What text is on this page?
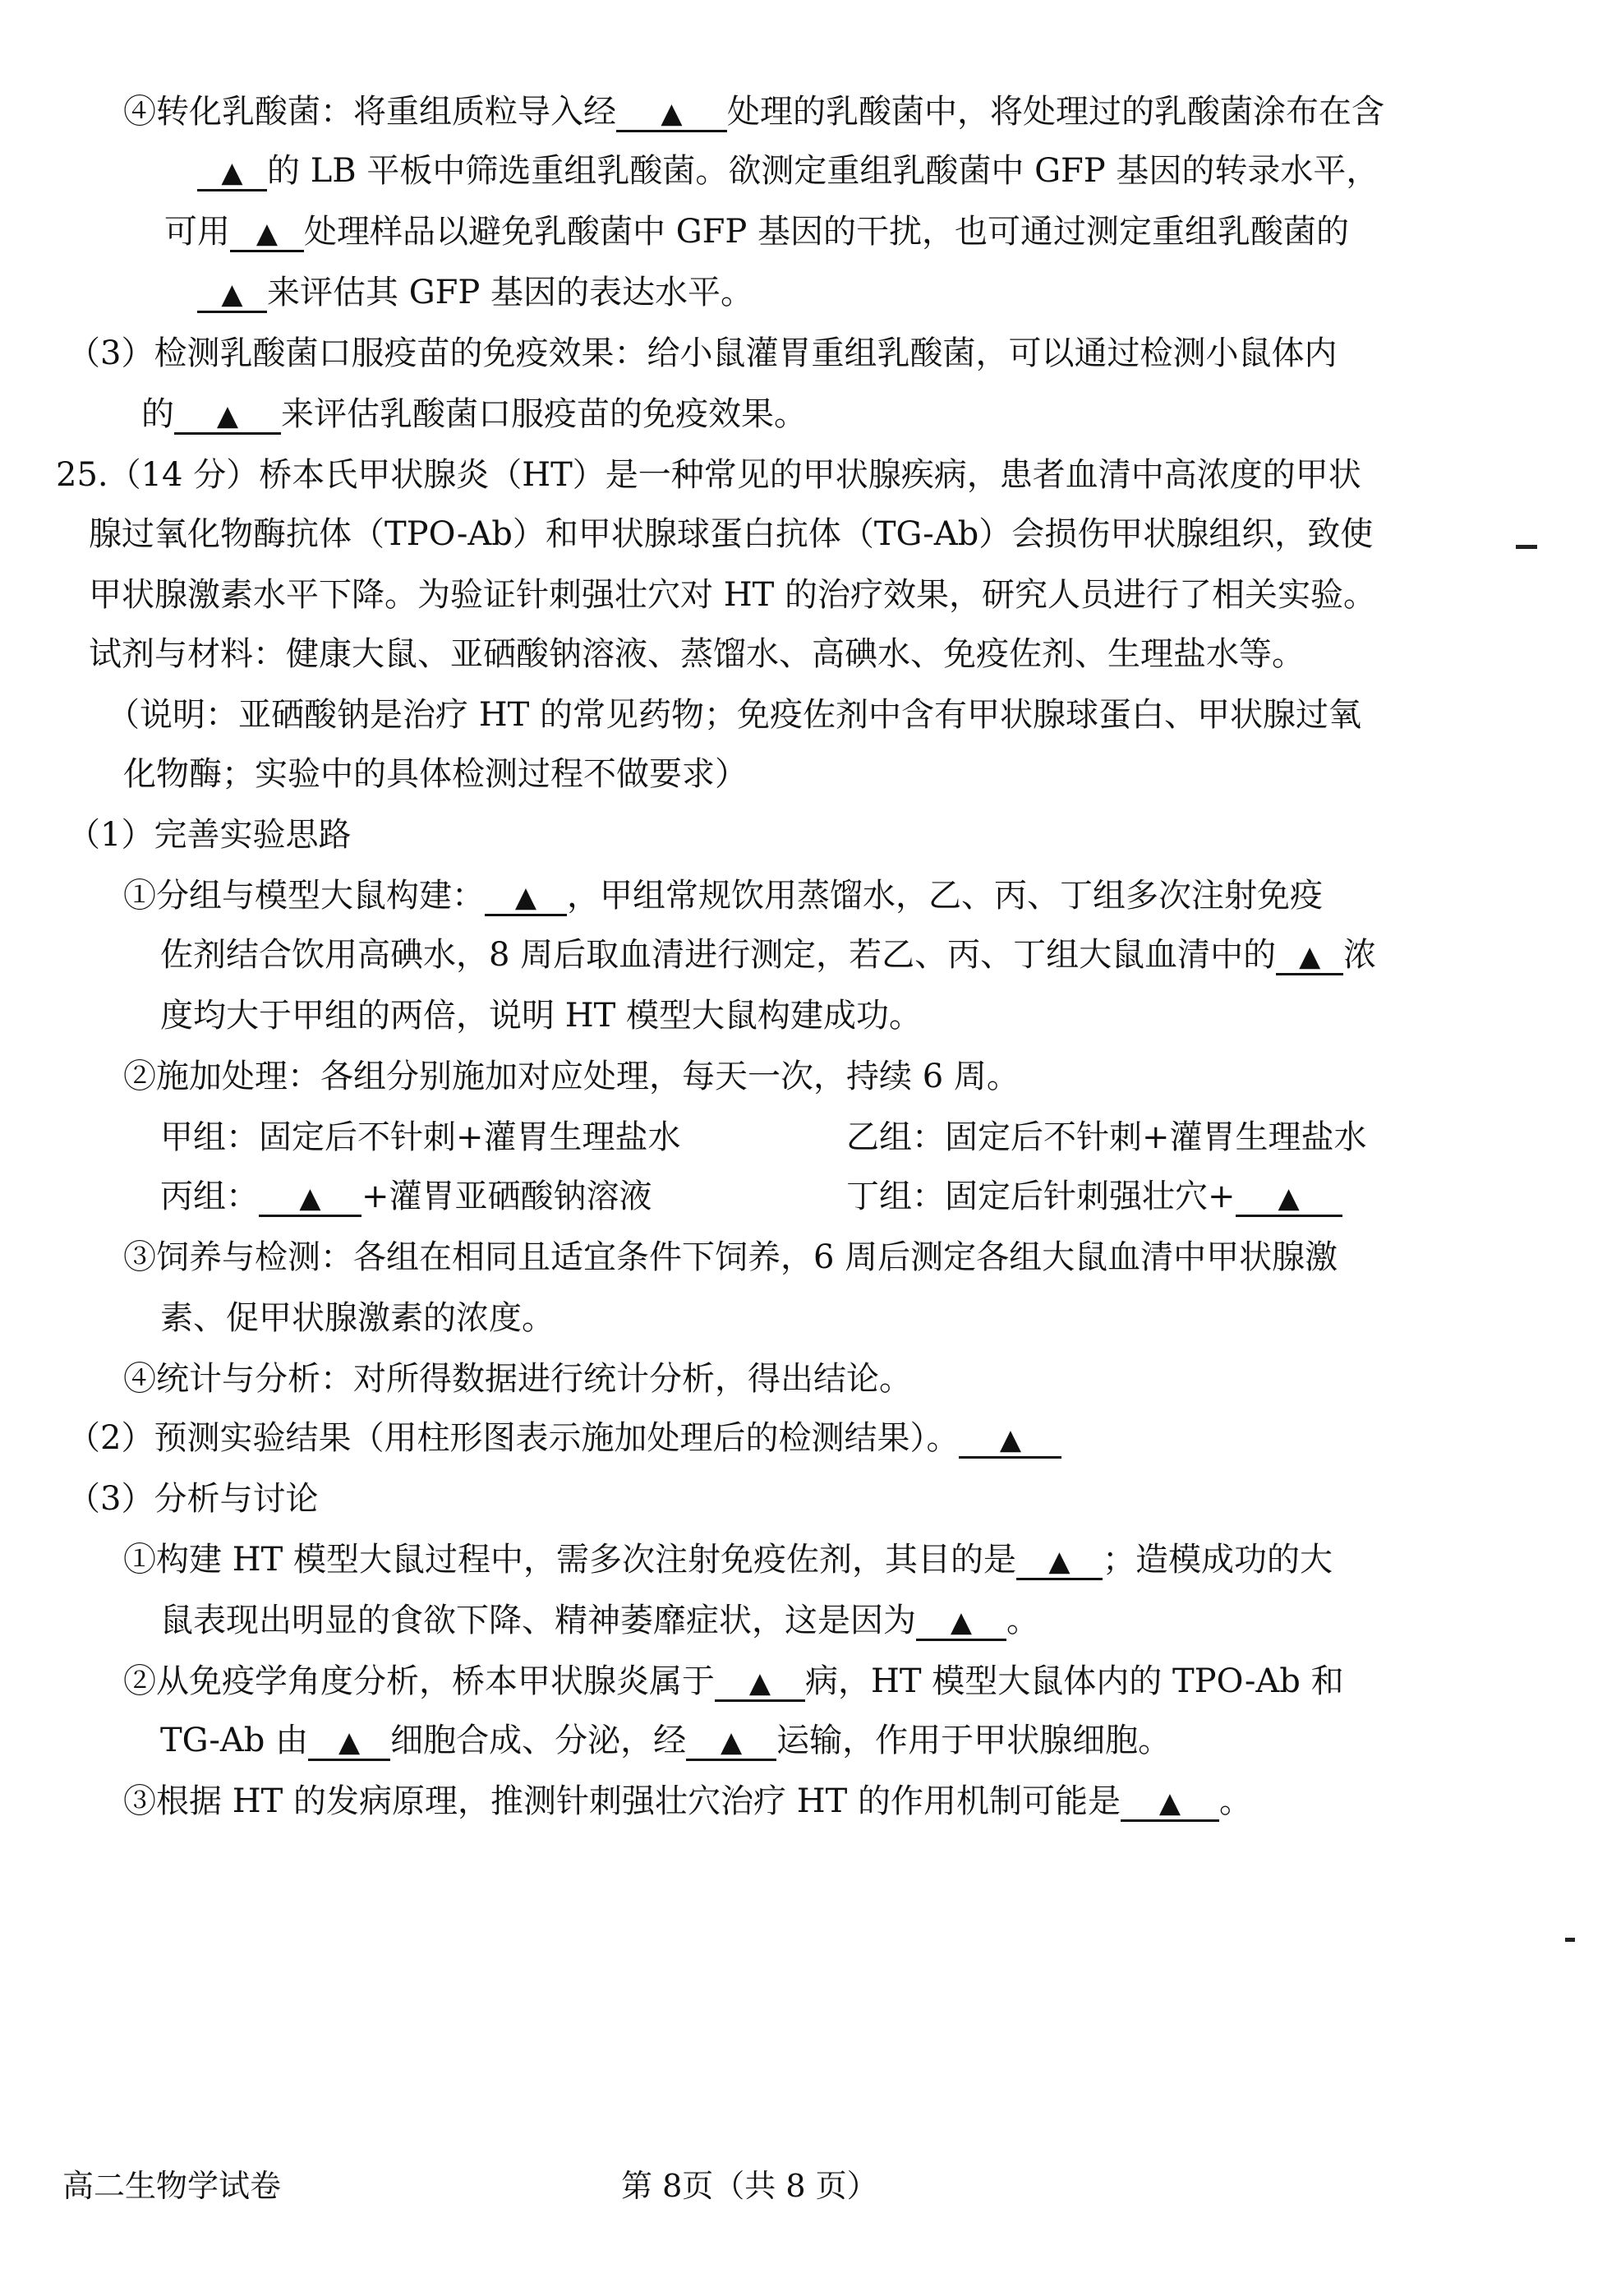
④转化乳酸菌：将重组质粒导入经 ▲ 处理的乳酸菌中，将处理过的乳酸菌涂布在含
▲ 的 LB 平板中筛选重组乳酸菌。欲测定重组乳酸菌中 GFP 基因的转录水平，
可用 ▲ 处理样品以避免乳酸菌中 GFP 基因的干扰，也可通过测定重组乳酸菌的
▲ 来评估其 GFP 基因的表达水平。
（3）检测乳酸菌口服疫苗的免疫效果：给小鼠灌胃重组乳酸菌，可以通过检测小鼠体内
的 ▲ 来评估乳酸菌口服疫苗的免疫效果。
25.（14 分）桥本氏甲状腺炎（HT）是一种常见的甲状腺疾病，患者血清中高浓度的甲状
腺过氧化物酶抗体（TPO-Ab）和甲状腺球蛋白抗体（TG-Ab）会损伤甲状腺组织，致使
甲状腺激素水平下降。为验证针刺强壮穴对 HT 的治疗效果，研究人员进行了相关实验。
试剂与材料：健康大鼠、亚硒酸钠溶液、蒸馏水、高碘水、免疫佐剂、生理盐水等。
（说明：亚硒酸钠是治疗 HT 的常见药物；免疫佐剂中含有甲状腺球蛋白、甲状腺过氧
化物酶；实验中的具体检测过程不做要求）
（1）完善实验思路
①分组与模型大鼠构建： ▲ ，甲组常规饮用蒸馏水，乙、丙、丁组多次注射免疫
佐剂结合饮用高碘水，8 周后取血清进行测定，若乙、丙、丁组大鼠血清中的 ▲ 浓
度均大于甲组的两倍，说明 HT 模型大鼠构建成功。
②施加处理：各组分别施加对应处理，每天一次，持续 6 周。
甲组：固定后不针刺+灌胃生理盐水	乙组：固定后不针刺+灌胃生理盐水
丙组： ▲ +灌胃亚硒酸钠溶液	丁组：固定后针刺强壮穴+ ▲
③饲养与检测：各组在相同且适宜条件下饲养，6 周后测定各组大鼠血清中甲状腺激
素、促甲状腺激素的浓度。
④统计与分析：对所得数据进行统计分析，得出结论。
（2）预测实验结果（用柱形图表示施加处理后的检测结果）。 ▲
（3）分析与讨论
①构建 HT 模型大鼠过程中，需多次注射免疫佐剂，其目的是 ▲ ；造模成功的大
鼠表现出明显的食欲下降、精神萎靡症状，这是因为 ▲ 。
②从免疫学角度分析，桥本甲状腺炎属于 ▲ 病，HT 模型大鼠体内的 TPO-Ab 和
TG-Ab 由 ▲ 细胞合成、分泌，经 ▲ 运输，作用于甲状腺细胞。
③根据 HT 的发病原理，推测针刺强壮穴治疗 HT 的作用机制可能是 ▲ 。
高二生物学试卷	第 8页（共 8 页）
